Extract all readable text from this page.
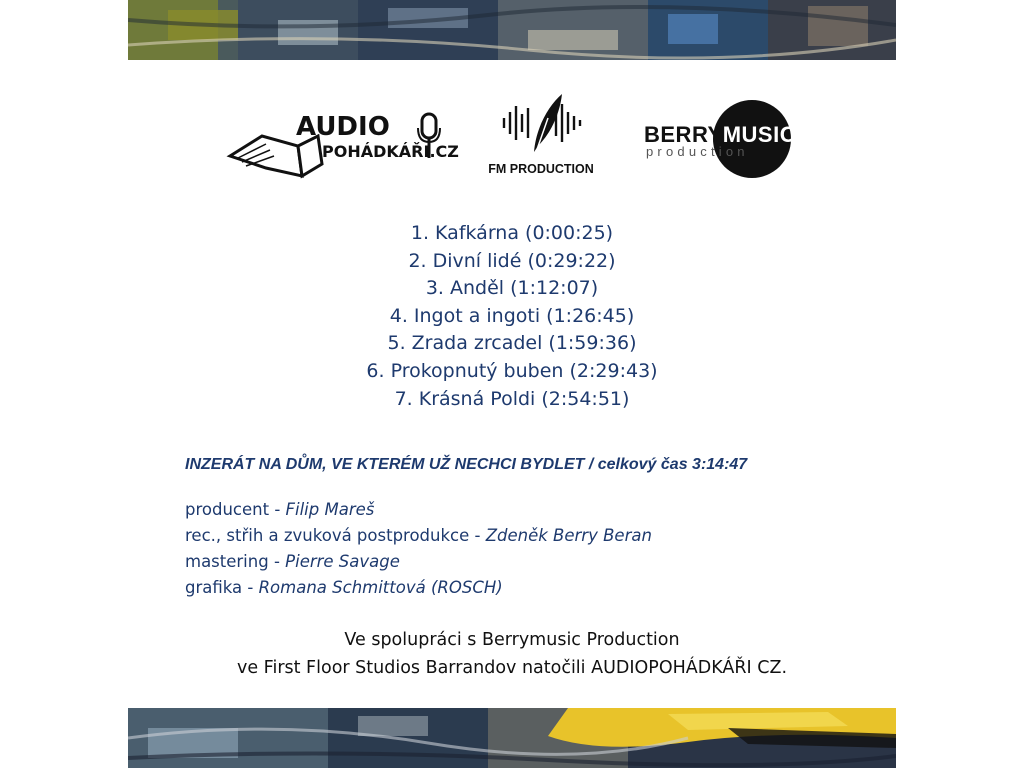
AUDIO
POHÁDKÁŘI.CZ
FM PRODUCTION
BERRYMUSIC
production
1. Kafkárna (0:00:25)
2. Divní lidé (0:29:22)
3. Anděl (1:12:07)
4. Ingot a ingoti (1:26:45)
5. Zrada zrcadel (1:59:36)
6. Prokopnutý buben (2:29:43)
7. Krásná Poldi (2:54:51)
INZERÁT NA DŮM, VE KTERÉM UŽ NECHCI BYDLET / celkový čas 3:14:47
producent - Filip Mareš
rec., střih a zvuková postprodukce - Zdeněk Berry Beran
mastering - Pierre Savage
grafika - Romana Schmittová (ROSCH)
Ve spolupráci s Berrymusic Production
ve First Floor Studios Barrandov natočili AUDIOPOHÁDKÁŘI CZ.
